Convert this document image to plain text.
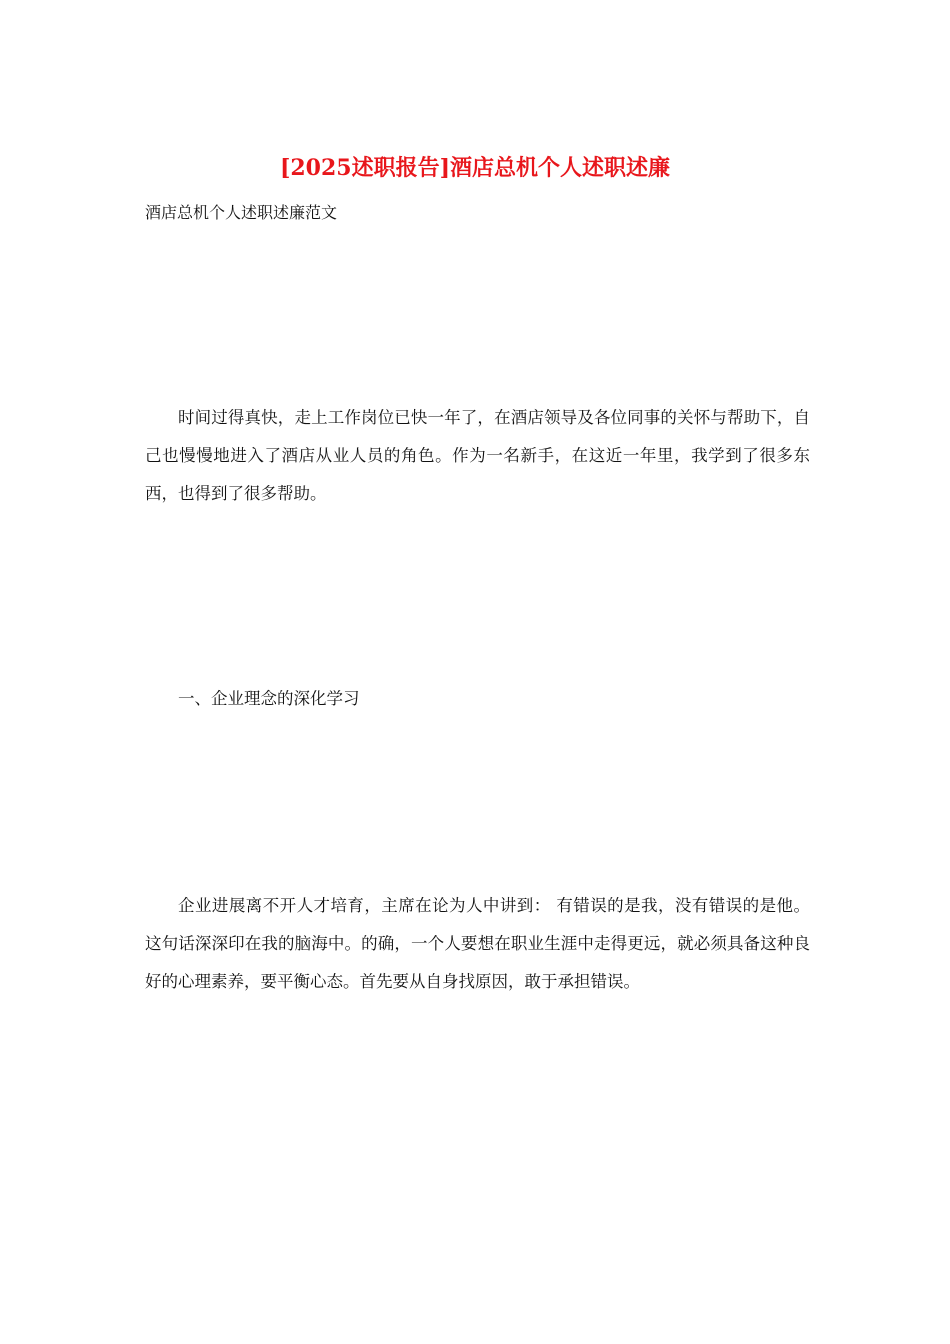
[2025述职报告]酒店总机个人述职述廉

酒店总机个人述职述廉范文

时间过得真快，走上工作岗位已快一年了，在酒店领导及各位同事的关怀与帮助下，自己也慢慢地进入了酒店从业人员的角色。作为一名新手，在这近一年里，我学到了很多东西，也得到了很多帮助。

一、企业理念的深化学习

企业进展离不开人才培育，主席在论为人中讲到： 有错误的是我，没有错误的是他。 这句话深深印在我的脑海中。的确，一个人要想在职业生涯中走得更远，就必须具备这种良好的心理素养，要平衡心态。首先要从自身找原因，敢于承担错误。
